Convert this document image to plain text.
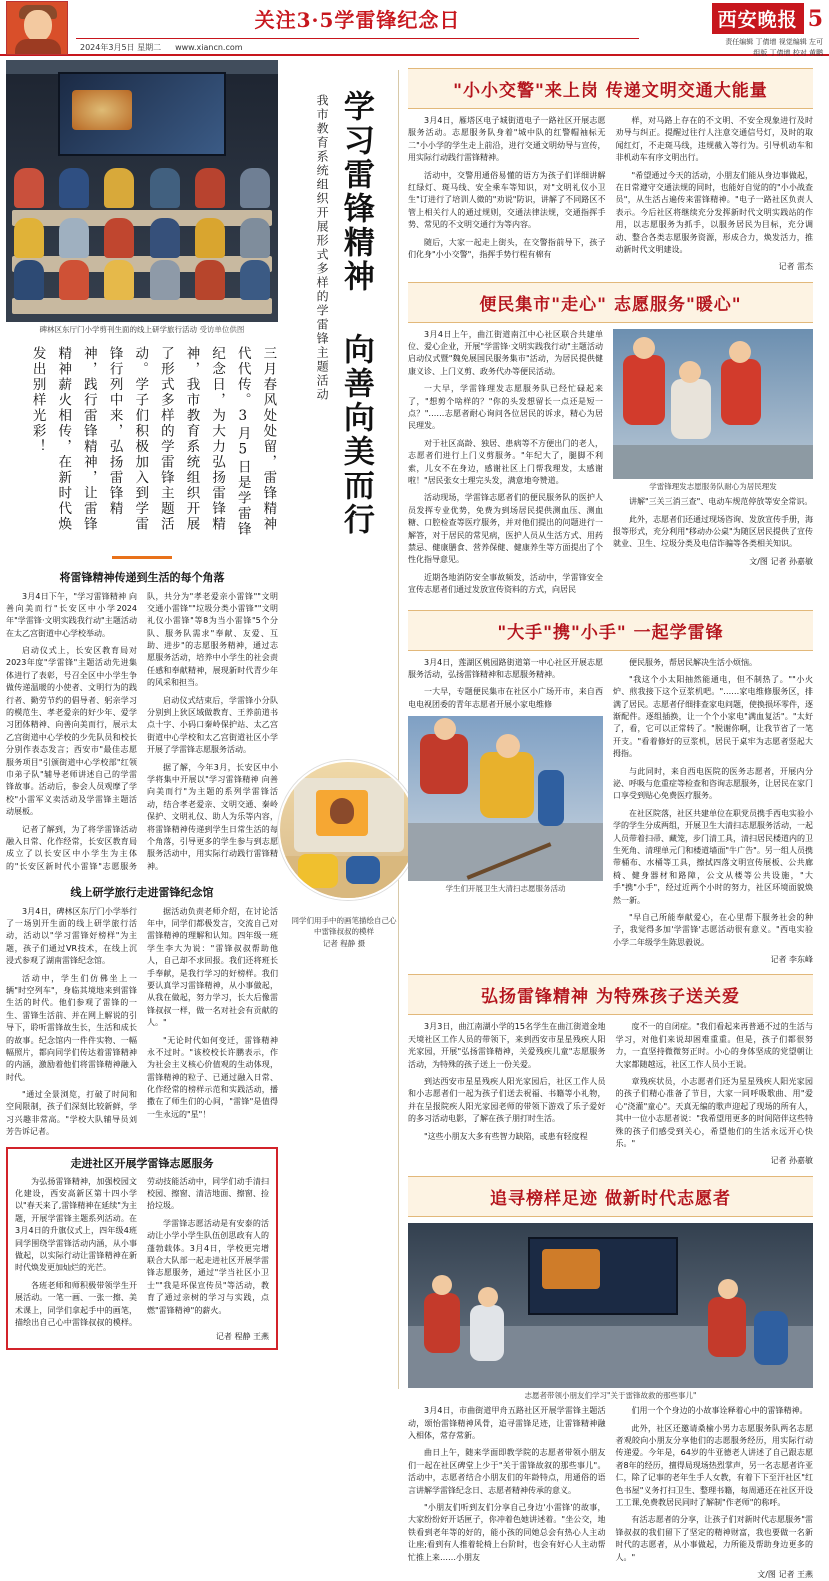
关注3·5学雷锋纪念日
2024年3月5日 星期二 www.xiancn.com
西安晚报 5
责任编辑 丁倩增 视觉编辑 左可
组版 丁倩增 校对 黄鹏
碑林区东厅门小学剪刊生面的线上研学旅行活动 受访单位供图
三月春风处处留，雷锋精神代代传。3月5日是学雷锋纪念日，为大力弘扬雷锋精神，我市教育系统组织开展了形式多样的学雷锋主题活动。学子们积极加入到学雷锋行列中来，弘扬雷锋精神，践行雷锋精神，让雷锋精神薪火相传，在新时代焕发出别样光彩！
将雷锋精神传递到生活的每个角落

3月4日下午，"学习雷锋精神 向善向美而行"长安区中小学2024年"学雷锋·文明实践我行动"主题活动在太乙宫街道中心学校举动。

启动仪式上，长安区教育局对2023年度"学雷锋"主题活动先进集体进行了表彰，号召全区中小学生争做传递温暖的小使者、文明行为的践行者、勤劳节约的倡导者、躬亲学习的模范生、孝老爱亲的好少年、爱学习团体精神、向善向美而行，展示太乙宫街道中心学校的少先队员和校长分别作表态发言；西安市"最佳志愿服务项目"引颁街道中心学校部"红领巾弟子队"辅导老师讲述自己的学雷锋故事。活动后，参会人员观摩了学校"小雷军义卖活动及学雷锋主题活动展板。

记者了解到，为了将学雷锋活动融入日常、化作经常，长安区教育局成立了以长安区中小学生为主体的"长安区新时代小雷锋"志愿服务队，共分为"孝老爱亲小雷锋""文明交通小雷锋""垃圾分类小雷锋""文明礼仪小雷锋"等8为当小雷锋"5个分队、服务队需求"奉献、友爱、互助、进步"的志愿服务精神，通过志愿服务活动，培养中小学生的社会责任感和奉献精神，展现新时代青少年的风采和担当。

启动仪式结束后，学雷锋小分队分别到上狄区域做教育、王养前道书点十字、小码口秦岭保护站、太乙宫街道中心学校和太乙宫街道社区小学开展了学雷锋志愿服务活动。

据了解，今年3月，长安区中小学将集中开展以"学习雷锋精神 向善向美而行"为主题的系列学雷锋活动，结合孝老爱亲、文明交通、秦岭保护、文明礼仪、助人为乐等内容，将雷锋精神传递到学生日常生活的每个角落，引导更多的学生参与到志愿服务活动中，用实际行动践行雷锋精神。

线上研学旅行走进雷锋纪念馆

3月4日，碑林区东厅门小学举行了一场别开生面的线上研学旅行活动，活动以"学习雷锋好榜样"为主题，孩子们通过VR技术，在线上沉浸式参观了湖南雷锋纪念馆。

活动中，学生们仿佛坐上一辆"时空列车"，身临其境地来到雷锋生活的时代。他们参观了雷锋的一生、雷锋生活前、并在网上解说的引导下，聆听雷锋故生长，生活和成长的故事。纪念馆内一件件实物、一幅幅照片，都向同学们传达着雷锋精神的内涵，激励着他们将雷锋精神融入时代。

"通过全景浏览，打破了时间和空间限制，孩子们深刻比较新鲜，学习兴趣非常高。"学校大队辅导员刘芳告诉记者。

据活动负责老师介绍，在讨论活年中，同学们都极发言，交流自己对雷锋精神的理解和认知。四年级一班学生李大为说："雷锋叔叔帮助他人，自己却不求回报。我们还将班长手奉献，是我行学习的好榜样。我们要认真学习雷锋精神，从小事做起，从我在做起，努力学习，长大后像雷锋叔叔一样，做一名对社会有贡献的人。"

"无论时代如何变迁，雷锋精神永不过时。"该校校长许鹏表示，作为社会主义核心价值观的生动体现，雷锋精神的粒子、已通过融入日常、化作经常的榜样示范和实践活动，播撒在了师生们的心间，"雷锋"是值得一生永远的"星"！

走进社区开展学雷锋志愿服务

为弘扬雷锋精神，加强校园文化建设，西安高新区第十四小学以"春天来了,雷锋精神在延续"为主题，开展学雷锋主题系列活动。在3月4日的升旗仪式上，四年级4班同学围绕学雷锋活动内涵，从小事做起，以实际行动让雷锋精神在新时代焕发更加灿烂的光芒。

各班老师和师积极带领学生开展活动。一笔一画、一张一擦、美术课上，同学们拿起手中的画笔，描绘出自己心中雷锋叔叔的模样。劳动技能活动中，同学们动手清扫校园、擦窗、清洁地面、擦窗、捡拾垃圾。

学雷锋志愿活动是有安泰的活动让小学小学生队伍创思政有人的蓬勃载体。3月4日，学校更完增联合大队部一起走进社区开展学雷锋志愿服务，通过"学当社区小卫士""我是环保宣传员"等活动，教育了通过亲树的学习与实践，点燃"雷锋精神"的薪火。

记者 程静 王燕
学习雷锋精神 向善向美而行
我市教育系统组织开展形式多样的学雷锋主题活动
同学们用手中的画笔描绘自己心中雷锋叔叔的模样
记者 程静 摄
"小小交警"来上岗 传递文明交通大能量

3月4日，雁塔区电子城街道电子一路社区开展志愿服务活动。志愿服务队身着"城中队的红警帽袖标无二"小小学的学生走上前沿，进行交通文明幼导与宣传，用实际行动践行雷锋精神。

活动中，交警用通俗易懂的语方为孩子们详细讲解红绿灯、斑马线、安全乘车等知识，对"文明礼仪小卫生"订进行了培训人微的"劝说"防识，讲解了不同路区不管上相关行人的通过规则，交通法律法规，交通指挥手势、常见的不文明交通行为等内容。

随后，大家一起走上街头，在交警指前导下，孩子们化身"小小交警"，指挥手势行程有棉有

样，对马路上存在的不文明、不安全现象进行及时劝导与纠正。提醒过往行人注意交通信号灯，及时的取闻红灯，不走斑马线，违规截入等行为。引导机动车和非机动车有序文明出行。

"希望通过今天的活动，小朋友们能从身边事做起，在日常遵守交通法规的同时，也能好自觉的的"小小战查员"，从生活占遍传来雷锋精神。"电子一路社区负责人表示。今后社区将继续充分发挥新时代文明实践站的作用，以志愿服务为抓手，以服务居民为目标，充分调动、整合各类志愿服务资源，形成合力，焕发活力，推动新时代文明建设。

记者 雷杰
便民集市"走心" 志愿服务"暖心"

3月4日上午，曲江街道南江中心社区联合共建单位、爱心企业，开展"学雷锋·文明实践我行动"主题活动启动仪式暨"魏免展国民服务集市"活动，为居民提供健康义诊、上门义剪、政务代办等便民活动。

一大早，学雷锋理发志愿服务队已经忙碌起来了，"想剪个啥样的？"你的头发想留长一点还是短一点？"……志愿者耐心询问各位居民的诉求，精心为居民理发。

对于社区高龄、独居、患病等不方便出门的老人，志愿者们进行上门义剪服务。"年纪大了，腿脚不利索，儿女不在身边，感谢社区上门帮我理发，太感谢啦！"居民张女士理完头发，满意地夸赞道。

活动现场，学雷锋志愿者们的便民服务队的医护人员发挥专业优势，免费为到场居民提供测血压、测血糖、口腔检查等医疗服务，并对他们提出的问题进行一解答，对于居民的常见病，医护人员从生活方式、用药禁忌、健康膳食、营养保健、健康养生等方面提出了个性化指导意见。

近期各地消防安全事故频发，活动中，学雷锋安全宣传志愿者们通过发放宣传资料的方式，向居民

学雷锋理发志愿服务队耐心为居民理发

讲解"三关三消三查"、电动车规范停放等安全常识。

此外，志愿者们还通过现场咨询、发放宣传手册，海报等形式，充分利用"移动办公桌"为随区居民提供了宣传就业、卫生、垃圾分类及电信诈骗等各类相关知识。

文/图 记者 孙嘉敏
"大手"携"小手" 一起学雷锋

3月4日，莲湖区桃园路街道第一中心社区开展志愿服务活动，弘扬雷锋精神和志愿服务精神。

一大早，专题便民集市在社区小广场开市，来自西电电视团委的青年志愿者开展小家电维修

学生们开展卫生大清扫志愿服务活动

便民服务，帮居民解决生活小烦恼。

"我这个小太阳抽然能通电，但不制热了。""小火炉、煎我接下这个豆浆机吧。"……家电维修服务区，排满了居民。志愿者仔细排查家电问题，使换损坏零件，逐渐配件。逐组插换，让一个个小家电"满血复活"。"太好了，看，它可以正常转了。"脱谢你啊，让我节省了一笔开支。"看着修好的豆浆机，居民于桌牢为志愿者竖起大拇指。

与此同时，来自西电医院的医务志愿者，开展内分泌、呼吸与危重症等检查和咨询志愿服务，让居民在家门口享受到贴心免费医疗服务。

在社区院落，社区共建单位在职党员携手西电实验小学的学生分成两组，开展卫生大清扫志愿服务活动，一起人员带着扫帚、藏笼，步门清工具，清扫居民楼道内的卫生死角、清理单元门和楼道墙面"牛广告"。另一组人员携带桶布、水桶等工具，擦拭四落文明宣传展板、公共廊椅、健身器材和路障，公文从楼等公共设施，"大手"携"小手"，经过近两个小时的努力，社区环境面貌焕然一新。

"早自己所能奉献爱心，在心里帮下服务社会的种子，我觉得多加'学雷锋'志愿活动很有意义。"西电实验小学二年级学生陈思毅说。

记者 李东峰
弘扬雷锋精神 为特殊孩子送关爱

3月3日，曲江南湖小学的15名学生在曲江街道金地天境社区工作人员的带领下，来到西安市星星残疾人阳光家园，开展"弘扬雷锋精神，关爱残疾儿童"志愿服务活动，为特殊的孩子送上一份关爱。

到达西安市星星残疾人阳光家园后，社区工作人员和小志愿者们一起为孩子们送去祝福、书籍等小礼物，并在呈报院疾人阳光家园老师的带领下游戏了乐子爱好的多习活动电影，了解在孩子朋打时生活。

"这些小朋友大多有些智力缺陷，或患有轻度程

度不一的自闭症。"我们看起来再普通不过的生活与学习，对他们来说却困难重重。但是，孩子们都很努力，一直坚持微微努正时。小心的身体坚成的党望朝让大家都随越远，社区工作人员小王说。

章残疾状员，小志愿者们还为星星残疾人阳光家园的孩子们精心准备了节目，大家一同呼吸歌曲、用"爱心"浇灌"童心"。天真无编的歌声迎起了现场的所有人，其中一位小志愿者说："我希望用更多的时间陪伴这些特殊的孩子们感受到关心，希望他们的生活永远开心快乐。"

记者 孙嘉敏
追寻榜样足迹 做新时代志愿者
志愿者带领小朋友们学习"关于雷锋故救的那些事儿"

3月4日，市曲街道甲舟五路社区开展学雷锋主题活动，颂怡雷锋精神风骨，追寻雷锋足迹，让雷锋精神融入相体，常存常新。

曲日上午，随来学面即教学院的志愿者带领小朋友们一起在社区碑堂上少于"关于雷锋故叙的那些事儿"。活动中，志愿者结合小朋友们的年龄特点，用通俗的语言讲解学雷锋纪念日、志愿者精神传承的意义。

"小朋友们听到友们分享自己身边'小雷锋'的故事，大家纷纷好开话匣子，你冲着色她讲述着。"坐公交，地铁看到老年等的好的，能小孩的同她总会有热心人主动让座;看到有人推着轮椅上台阶时，也会有好心人主动帮忙推上来……小朋友

们用一个个身边的小故事诠释着心中的雷锋精神。

此外，社区还邀请桑榆小男力志愿服务队两名志愿者观皎向小朋友分享他们的志愿服务经历，用实际行动传递爱。今年是，64岁的牛亚德老人讲述了自己跟志愿者8年的经历，擅得局现场热烈掌声，另一名志愿者许亚仁，除了记事的老年生手人女教，有着下下至汗社区"红色书屋"义务打扫卫生、整理书籍，每周通还在社区开设工工课,免费教居民同时了解制"作老师"的称呼。

有活志愿者的分享，让孩子们对新时代志愿服务"雷锋叔叔的我们留下了坚定的精神财富，我也要做一名新时代的志愿者，从小事做起，力所能及帮助身边更多的人。"

文/图 记者 王燕
